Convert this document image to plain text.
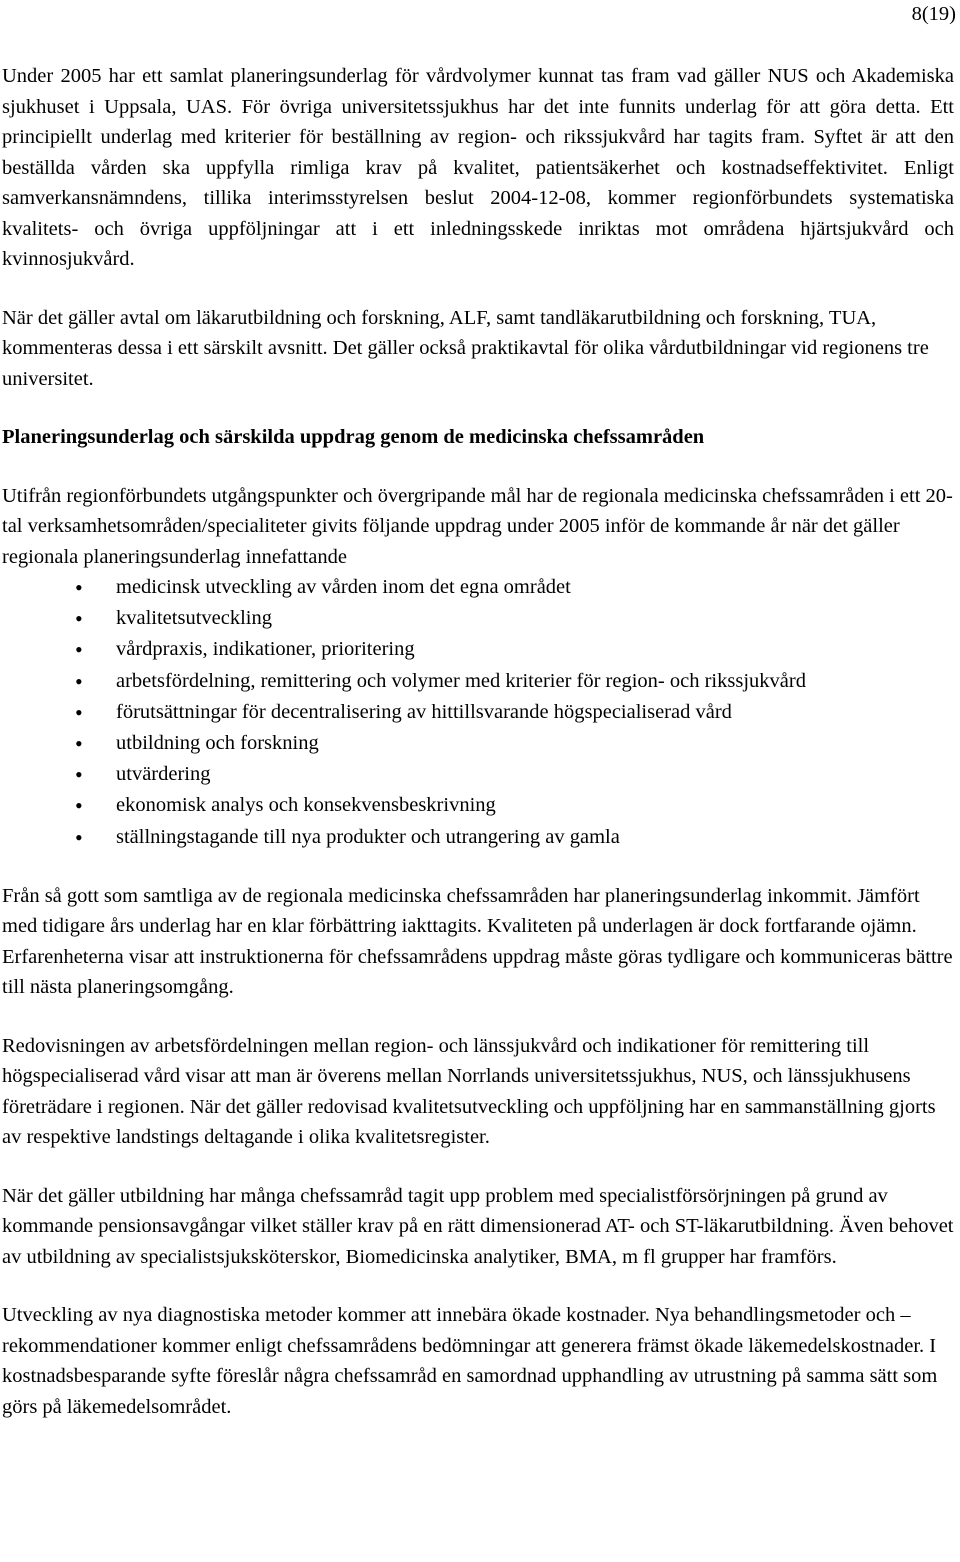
8(19)

Under 2005 har ett samlat planeringsunderlag för vårdvolymer kunnat tas fram vad gäller NUS och Akademiska sjukhuset i Uppsala, UAS. För övriga universitetssjukhus har det inte funnits underlag för att göra detta. Ett principiellt underlag med kriterier för beställning av region- och rikssjukvård har tagits fram. Syftet är att den beställda vården ska uppfylla rimliga krav på kvalitet, patientsäkerhet och kostnadseffektivitet. Enligt samverkansnämndens, tillika interimsstyrelsen beslut 2004-12-08, kommer regionförbundets systematiska kvalitets- och övriga uppföljningar att i ett inledningsskede inriktas mot områdena hjärtsjukvård och kvinnosjukvård.

När det gäller avtal om läkarutbildning och forskning, ALF, samt tandläkarutbildning och forskning, TUA, kommenteras dessa i ett särskilt avsnitt. Det gäller också praktikavtal för olika vårdutbildningar vid regionens tre universitet.

Planeringsunderlag och särskilda uppdrag genom de medicinska chefssamråden

Utifrån regionförbundets utgångspunkter och övergripande mål har de regionala medicinska chefssamråden i ett 20-tal verksamhetsområden/specialiteter givits följande uppdrag under 2005 inför de kommande år när det gäller regionala planeringsunderlag innefattande

• medicinsk utveckling av vården inom det egna området
• kvalitetsutveckling
• vårdpraxis, indikationer, prioritering
• arbetsfördelning, remittering och volymer med kriterier för region- och rikssjukvård
• förutsättningar för decentralisering av hittillsvarande högspecialiserad vård
• utbildning och forskning
• utvärdering
• ekonomisk analys och konsekvensbeskrivning
• ställningstagande till nya produkter och utrangering av gamla

Från så gott som samtliga av de regionala medicinska chefssamråden har planeringsunderlag inkommit. Jämfört med tidigare års underlag har en klar förbättring iakttagits. Kvaliteten på underlagen är dock fortfarande ojämn. Erfarenheterna visar att instruktionerna för chefssamrådens uppdrag måste göras tydligare och kommuniceras bättre till nästa planeringsomgång.

Redovisningen av arbetsfördelningen mellan region- och länssjukvård och indikationer för remittering till högspecialiserad vård visar att man är överens mellan Norrlands universitetssjukhus, NUS, och länssjukhusens företrädare i regionen. När det gäller redovisad kvalitetsutveckling och uppföljning har en sammanställning gjorts av respektive landstings deltagande i olika kvalitetsregister.

När det gäller utbildning har många chefssamråd tagit upp problem med specialistförsörjningen på grund av kommande pensionsavgångar vilket ställer krav på en rätt dimensionerad AT- och ST-läkarutbildning. Även behovet av utbildning av specialistsjuksköterskor, Biomedicinska analytiker, BMA, m fl grupper har framförs.

Utveckling av nya diagnostiska metoder kommer att innebära ökade kostnader. Nya behandlingsmetoder och – rekommendationer kommer enligt chefssamrådens bedömningar att generera främst ökade läkemedelskostnader. I kostnadsbesparande syfte föreslår några chefssamråd en samordnad upphandling av utrustning på samma sätt som görs på läkemedelsområdet.
